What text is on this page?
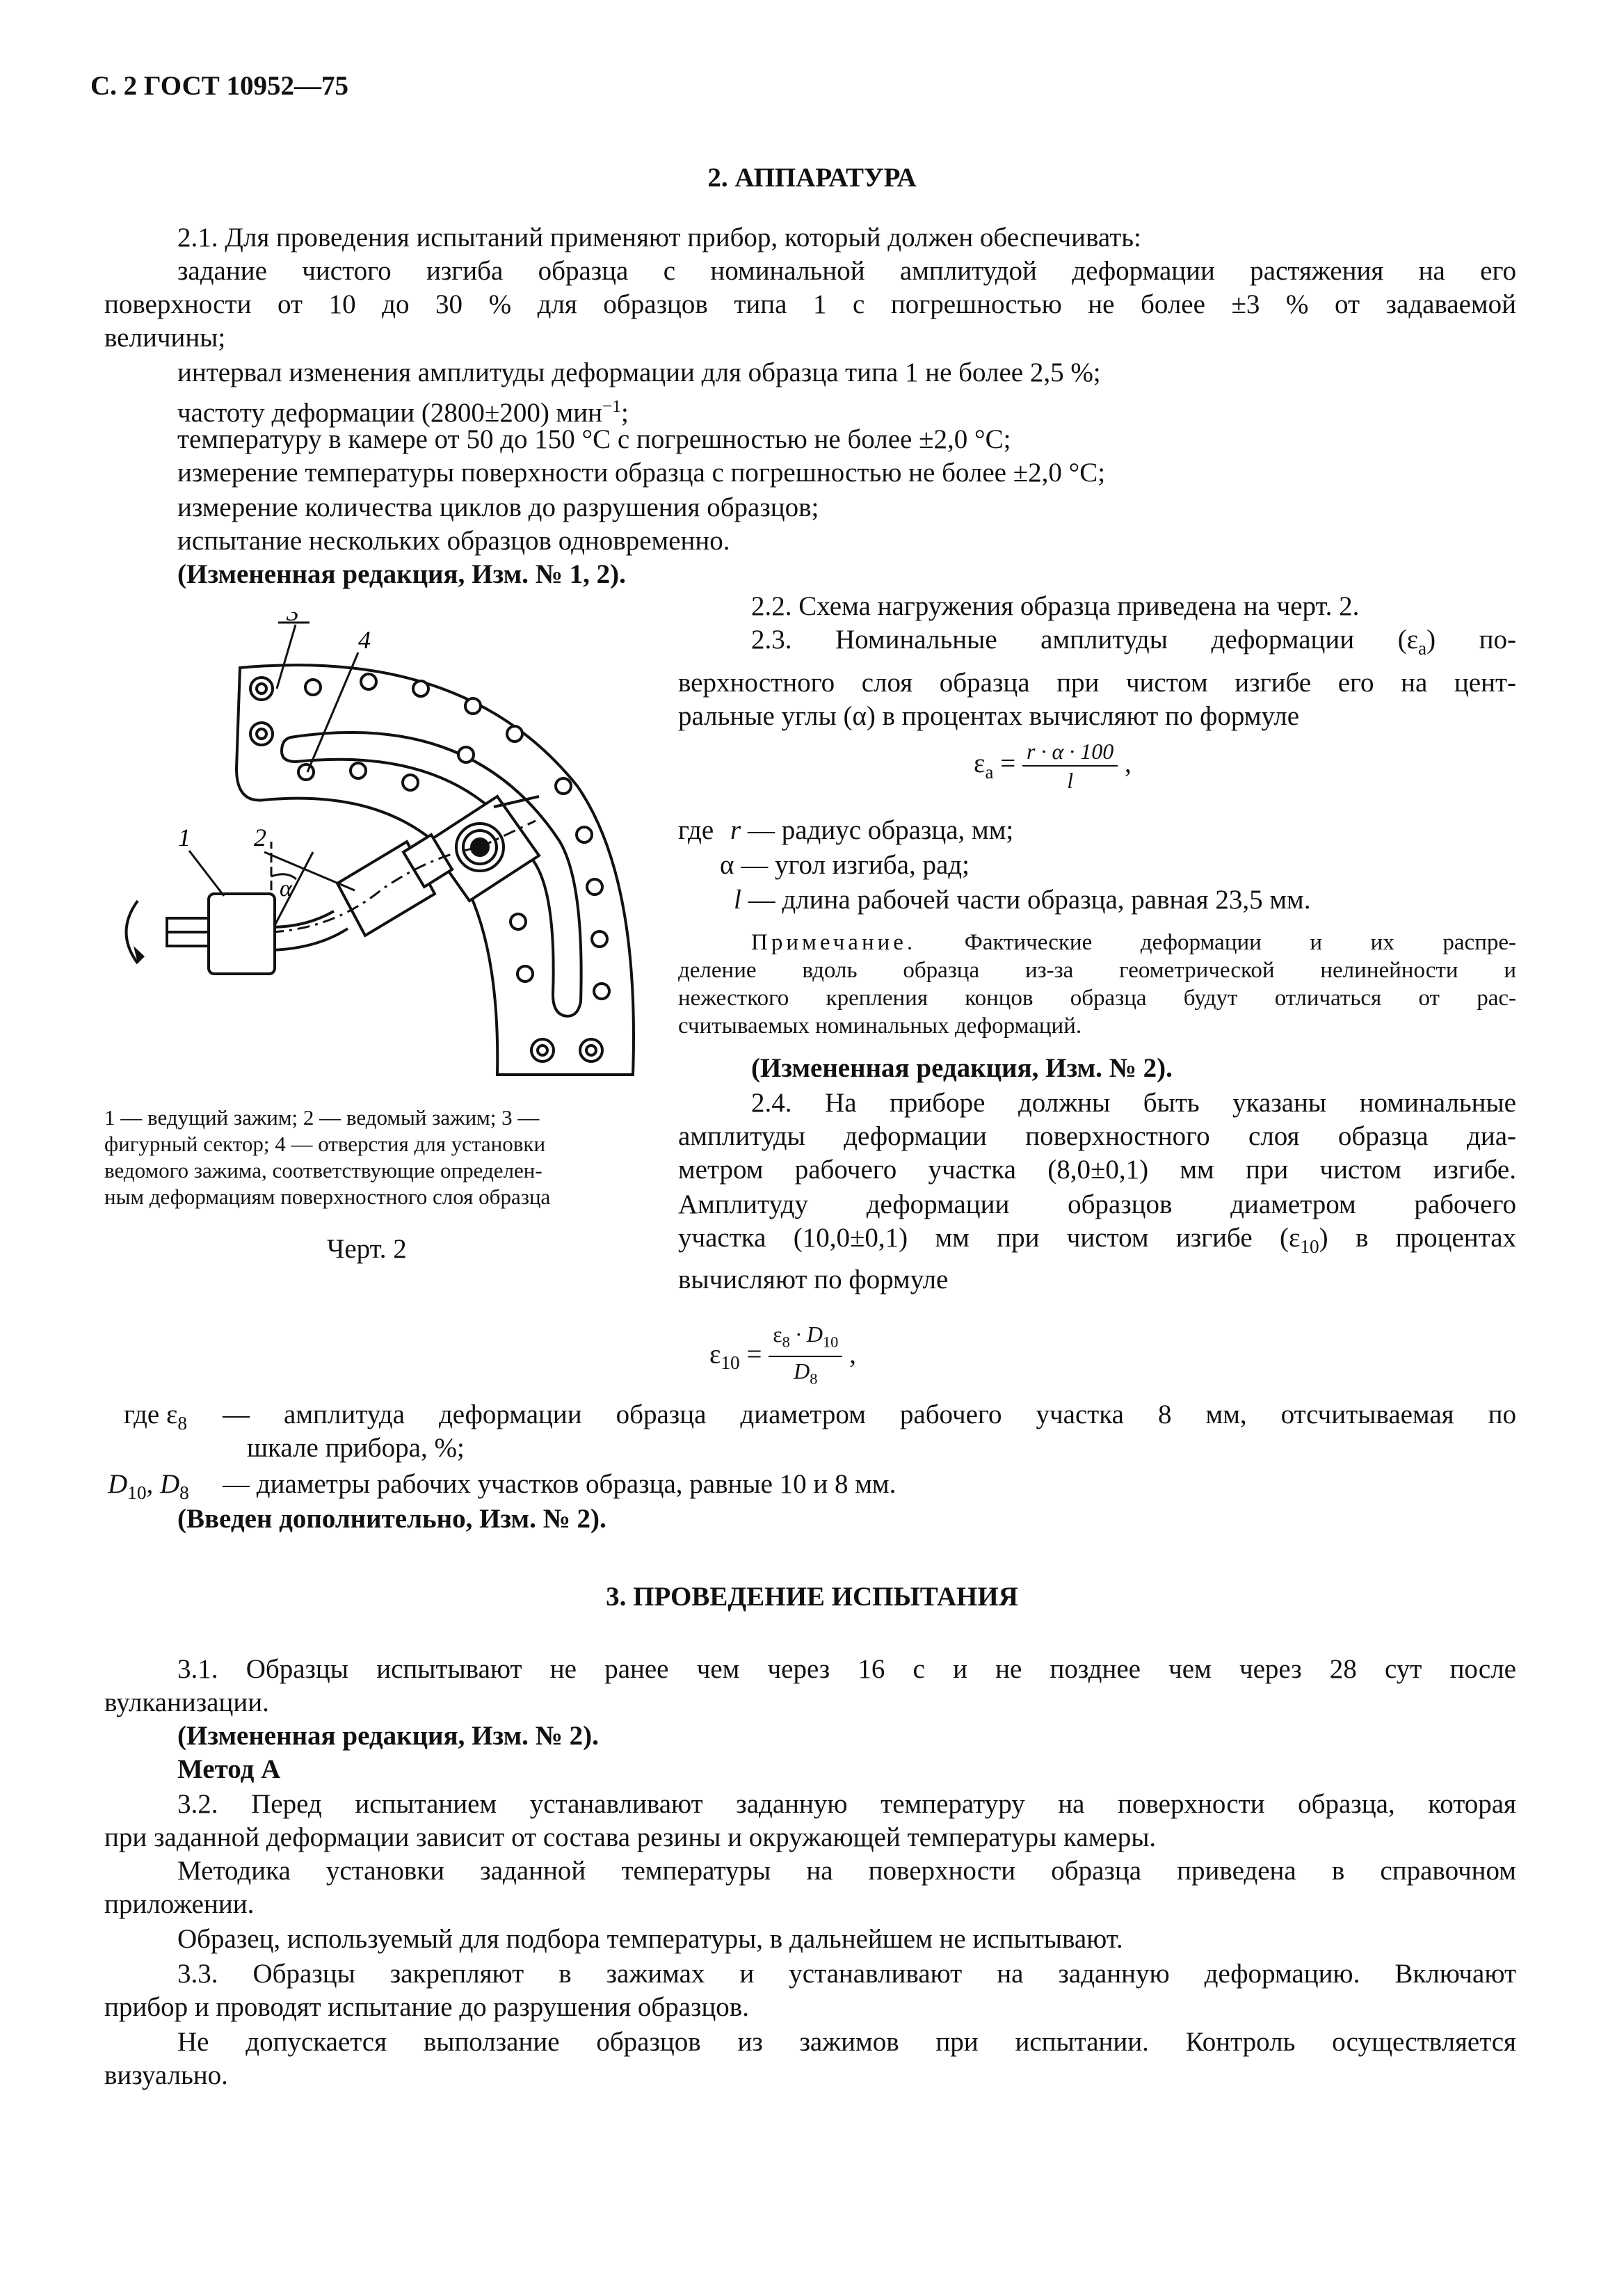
С. 2 ГОСТ 10952—75
2. АППАРАТУРА
2.1. Для проведения испытаний применяют прибор, который должен обеспечивать:
задание чистого изгиба образца с номинальной амплитудой деформации растяжения на его
поверхности от 10 до 30 % для образцов типа 1 с погрешностью не более ±3 % от задаваемой
величины;
интервал изменения амплитуды деформации для образца типа 1 не более 2,5 %;
частоту деформации (2800±200) мин$^{-1}$;
температуру в камере от 50 до 150 °С с погрешностью не более ±2,0 °С;
измерение температуры поверхности образца с погрешностью не более ±2,0 °С;
измерение количества циклов до разрушения образцов;
испытание нескольких образцов одновременно.
(Измененная редакция, Изм. № 1, 2).
α
1	2
3
4
1 — ведущий зажим; 2 — ведомый зажим; 3 —
фигурный сектор; 4 — отверстия для установки
ведомого зажима, соответствующие определен-
ным деформациям поверхностного слоя образца
Черт. 2
2.2. Схема нагружения образца приведена на черт. 2.
2.3. Номинальные амплитуды деформации $(\varepsilon_a)$ по-
верхностного слоя образца при чистом изгибе его на цент-
ральные углы (α) в процентах вычисляют по формуле
$\varepsilon_a = \frac{r \cdot \alpha \cdot 100}{l}$ ,
где r — радиус образца, мм;
α — угол изгиба, рад;
l — длина рабочей части образца, равная 23,5 мм.
Примечание. Фактические деформации и их распре-
деление вдоль образца из-за геометрической нелинейности и
нежесткого крепления концов образца будут отличаться от рас-
считываемых номинальных деформаций.
(Измененная редакция, Изм. № 2).
2.4. На приборе должны быть указаны номинальные
амплитуды деформации поверхностного слоя образца диа-
метром рабочего участка (8,0±0,1) мм при чистом изгибе.
Амплитуду деформации образцов диаметром рабочего
участка (10,0±0,1) мм при чистом изгибе $(\varepsilon_{10})$ в процентах
вычисляют по формуле
$\varepsilon_{10} = \frac{\varepsilon_8 \cdot D_{10}}{D_8}$ ,
где $\varepsilon_8$ — амплитуда деформации образца диаметром рабочего участка 8 мм, отсчитываемая по
шкале прибора, %;
$D_{10}$, $D_8$ — диаметры рабочих участков образца, равные 10 и 8 мм.
(Введен дополнительно, Изм. № 2).
3. ПРОВЕДЕНИЕ ИСПЫТАНИЯ
3.1. Образцы испытывают не ранее чем через 16 с и не позднее чем через 28 сут после
вулканизации.
(Измененная редакция, Изм. № 2).
Метод А
3.2. Перед испытанием устанавливают заданную температуру на поверхности образца, которая
при заданной деформации зависит от состава резины и окружающей температуры камеры.
Методика установки заданной температуры на поверхности образца приведена в справочном
приложении.
Образец, используемый для подбора температуры, в дальнейшем не испытывают.
3.3. Образцы закрепляют в зажимах и устанавливают на заданную деформацию. Включают
прибор и проводят испытание до разрушения образцов.
Не допускается выползание образцов из зажимов при испытании. Контроль осуществляется
визуально.
